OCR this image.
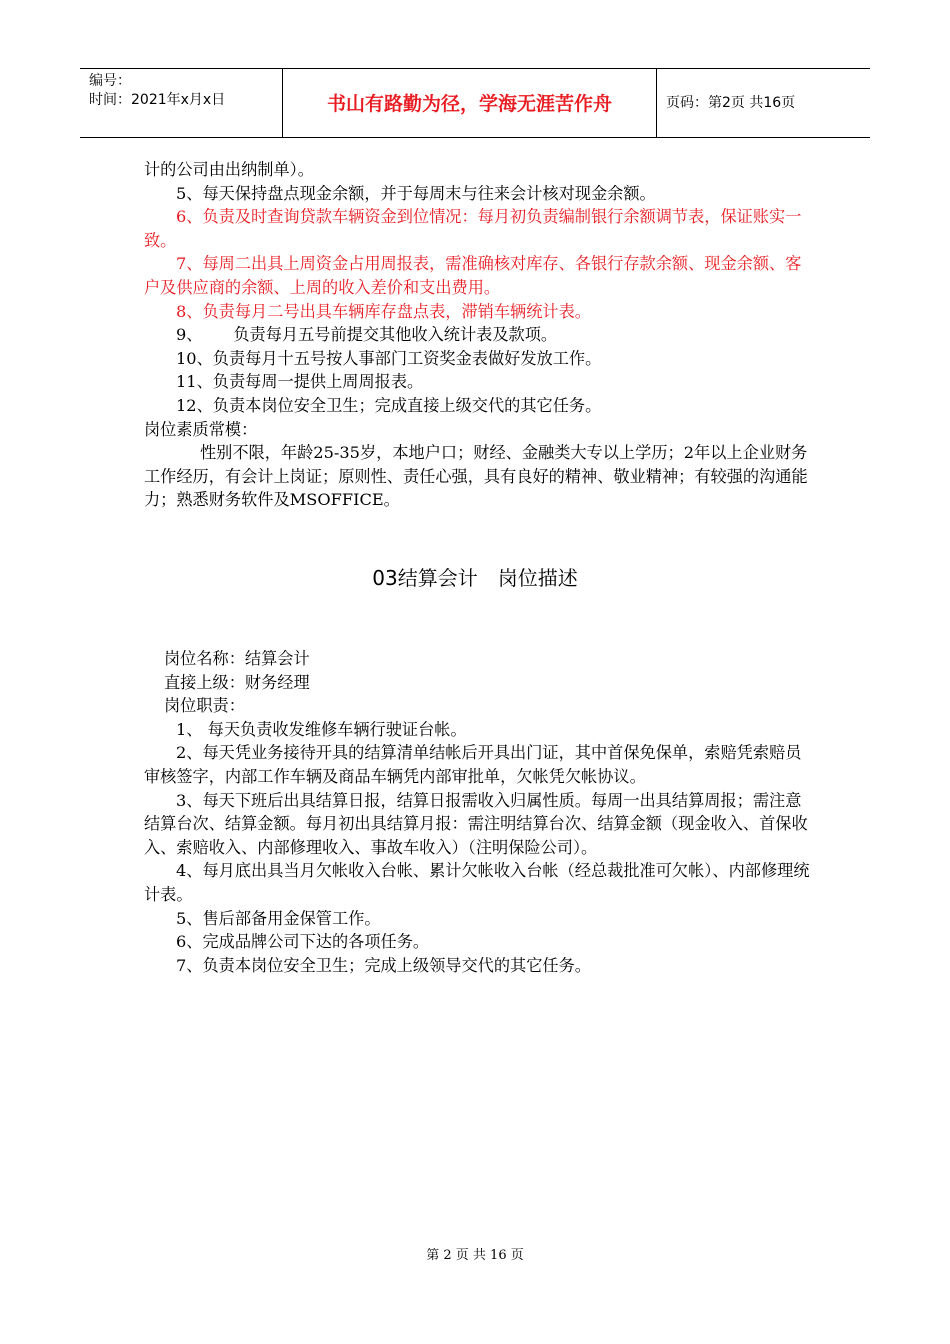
编号：
时间：2021年x月x日	书山有路勤为径，学海无涯苦作舟	页码：第2页 共16页

计的公司由出纳制单）。

5、每天保持盘点现金余额，并于每周末与往来会计核对现金余额。

6、负责及时查询贷款车辆资金到位情况：每月初负责编制银行余额调节表，保证账实一致。

7、每周二出具上周资金占用周报表，需准确核对库存、各银行存款余额、现金余额、客户及供应商的余额、上周的收入差价和支出费用。

8、负责每月二号出具车辆库存盘点表，滞销车辆统计表。

9、      负责每月五号前提交其他收入统计表及款项。

10、负责每月十五号按人事部门工资奖金表做好发放工作。

11、负责每周一提供上周周报表。

12、负责本岗位安全卫生；完成直接上级交代的其它任务。

岗位素质常模：

性别不限，年龄25-35岁，本地户口；财经、金融类大专以上学历；2年以上企业财务工作经历，有会计上岗证；原则性、责任心强，具有良好的精神、敬业精神；有较强的沟通能力；熟悉财务软件及MSOFFICE。

03结算会计　岗位描述

岗位名称：结算会计

直接上级：财务经理

岗位职责：

1、 每天负责收发维修车辆行驶证台帐。

2、每天凭业务接待开具的结算清单结帐后开具出门证，其中首保免保单，索赔凭索赔员审核签字，内部工作车辆及商品车辆凭内部审批单，欠帐凭欠帐协议。

3、每天下班后出具结算日报，结算日报需收入归属性质。每周一出具结算周报；需注意结算台次、结算金额。每月初出具结算月报：需注明结算台次、结算金额（现金收入、首保收入、索赔收入、内部修理收入、事故车收入）（注明保险公司）。

4、每月底出具当月欠帐收入台帐、累计欠帐收入台帐（经总裁批准可欠帐）、内部修理统计表。

5、售后部备用金保管工作。

6、完成品牌公司下达的各项任务。

7、负责本岗位安全卫生；完成上级领导交代的其它任务。

第 2 页 共 16 页
